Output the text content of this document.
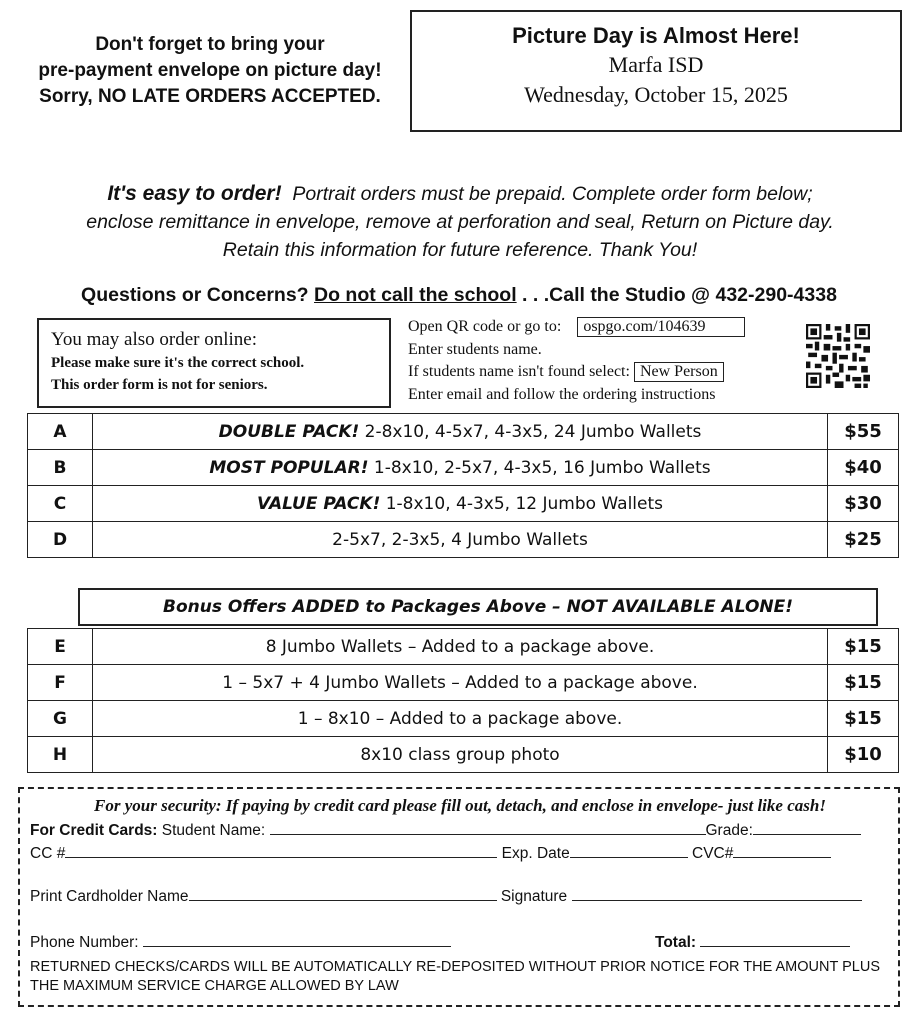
Don't forget to bring your
pre-payment envelope on picture day!
Sorry, NO LATE ORDERS ACCEPTED.
Picture Day is Almost Here!
Marfa ISD
Wednesday, October 15, 2025
It's easy to order! Portrait orders must be prepaid. Complete order form below;
enclose remittance in envelope, remove at perforation and seal, Return on Picture day.
Retain this information for future reference. Thank You!
Questions or Concerns? Do not call the school . . .Call the Studio @ 432-290-4338
You may also order online:
Please make sure it's the correct school.
This order form is not for seniors.
Open QR code or go to: ospgo.com/104639
Enter students name.
If students name isn't found select: New Person
Enter email and follow the ordering instructions
A	DOUBLE PACK! 2-8x10, 4-5x7, 4-3x5, 24 Jumbo Wallets	$55
B	MOST POPULAR! 1-8x10, 2-5x7, 4-3x5, 16 Jumbo Wallets	$40
C	VALUE PACK! 1-8x10, 4-3x5, 12 Jumbo Wallets	$30
D	2-5x7, 2-3x5, 4 Jumbo Wallets	$25
Bonus Offers ADDED to Packages Above – NOT AVAILABLE ALONE!
E	8 Jumbo Wallets – Added to a package above.	$15
F	1 – 5x7 + 4 Jumbo Wallets – Added to a package above.	$15
G	1 – 8x10 – Added to a package above.	$15
H	8x10 class group photo	$10
For your security: If paying by credit card please fill out, detach, and enclose in envelope- just like cash!
For Credit Cards: Student Name:	Grade:
CC #	Exp. Date	CVC#
Print Cardholder Name	Signature
Phone Number:	Total:
RETURNED CHECKS/CARDS WILL BE AUTOMATICALLY RE-DEPOSITED WITHOUT PRIOR NOTICE FOR THE AMOUNT PLUS
THE MAXIMUM SERVICE CHARGE ALLOWED BY LAW
